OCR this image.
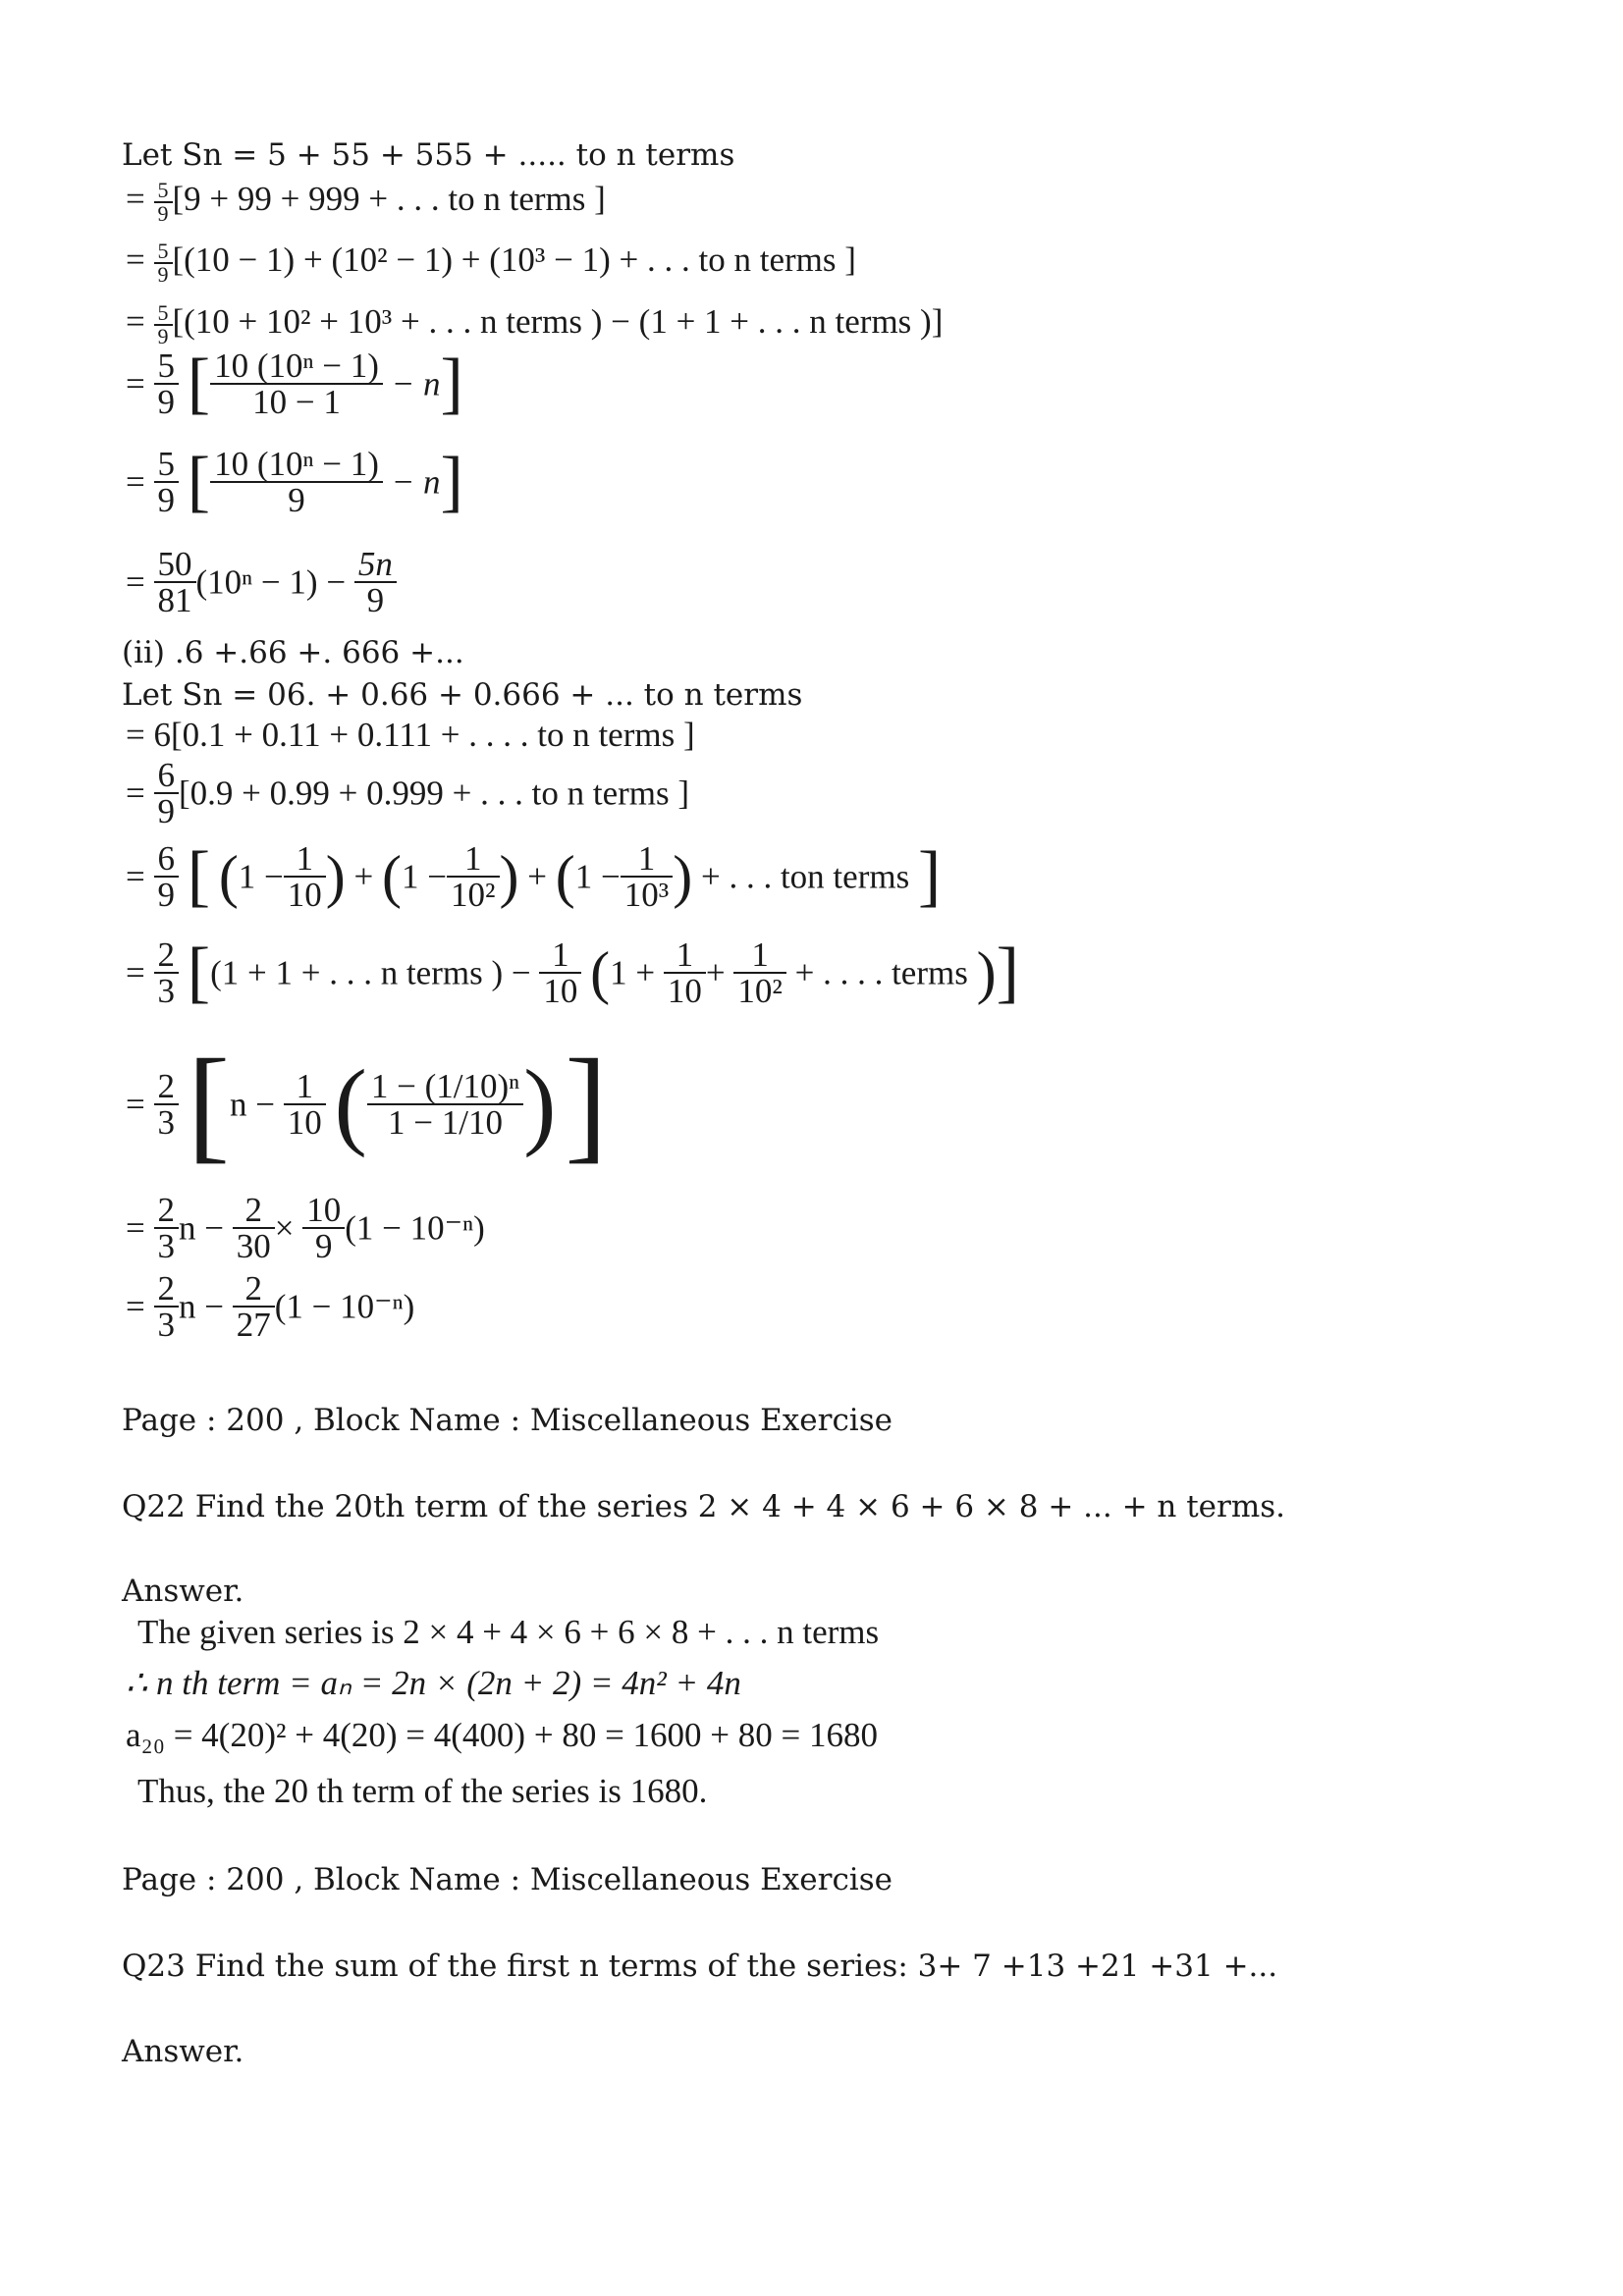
Let Sn = 5 + 55 + 555 + ..... to n terms
= $\frac{5}{9} [9 + 99 + 999$ + . . . to n terms ]
= $\frac{5}{9} [(10 - 1) + (10^2 - 1) + (10^3 - 1)$ + . . . to n terms ]
= $\frac{5}{9} [(10 + 10^2 + 10^3$ + . . . n terms ) − (1 + 1 + . . . n terms )]
= $\frac{5}{9}$ [ $\frac{\text{10 (10ⁿ − 1)}}{10 - 1} - n$]
= $\frac{5}{9}$ [ $\frac{\text{10 (10ⁿ − 1)}}{9} - n$]
= $\frac{50}{81} (10^n - 1) - \frac{5n}{9}$
(ii) .6 +.66 +. 666 +...
Let Sn = 06. + 0.66 + 0.666 + ... to n terms
= 6[0.1 + 0.11 + 0.111 + . . . . to n terms ]
= $\frac{6}{9} [0.9 + 0.99 + 0.999$ + . . . to n terms ]
= $\frac{6}{9}$ [ ($1 - \frac{1}{10}$ ) + ($1 - \frac{1}{\text{10²}}$ ) + ($1 - \frac{1}{\text{10³}}$ ) + . . . ton terms ]
= $\frac{2}{3} [(1 + 1$ + . . . n terms ) − $\frac{1}{10} (1 + \frac{1}{10} + \frac{1}{\text{10²}}$ + . . . . terms )]
= $\frac{2}{3} [n - \frac{1}{10}$ ( $\frac{\text{1 − (1/10)ⁿ}}{1 - 1/10}$ ) ]
= $\frac{2}{3}$ $n - \frac{2}{30} \times \frac{10}{9} (1 - 10^{-n})$
= $\frac{2}{3}$ $n - \frac{2}{27} (1 - 10^{-n})$
Page : 200 , Block Name : Miscellaneous Exercise
Q22 Find the 20th term of the series 2 × 4 + 4 × 6 + 6 × 8 + ... + n terms.
Answer.
The given series is 2 × 4 + 4 × 6 + 6 × 8 + . . . n terms
∴ n th term = aₙ = 2n × (2n + 2) = 4n² + 4n
a₂₀ = 4(20)² + 4(20) = 4(400) + 80 = 1600 + 80 = 1680
Thus, the 20 th term of the series is 1680.
Page : 200 , Block Name : Miscellaneous Exercise
Q23 Find the sum of the first n terms of the series: 3+ 7 +13 +21 +31 +...
Answer.
